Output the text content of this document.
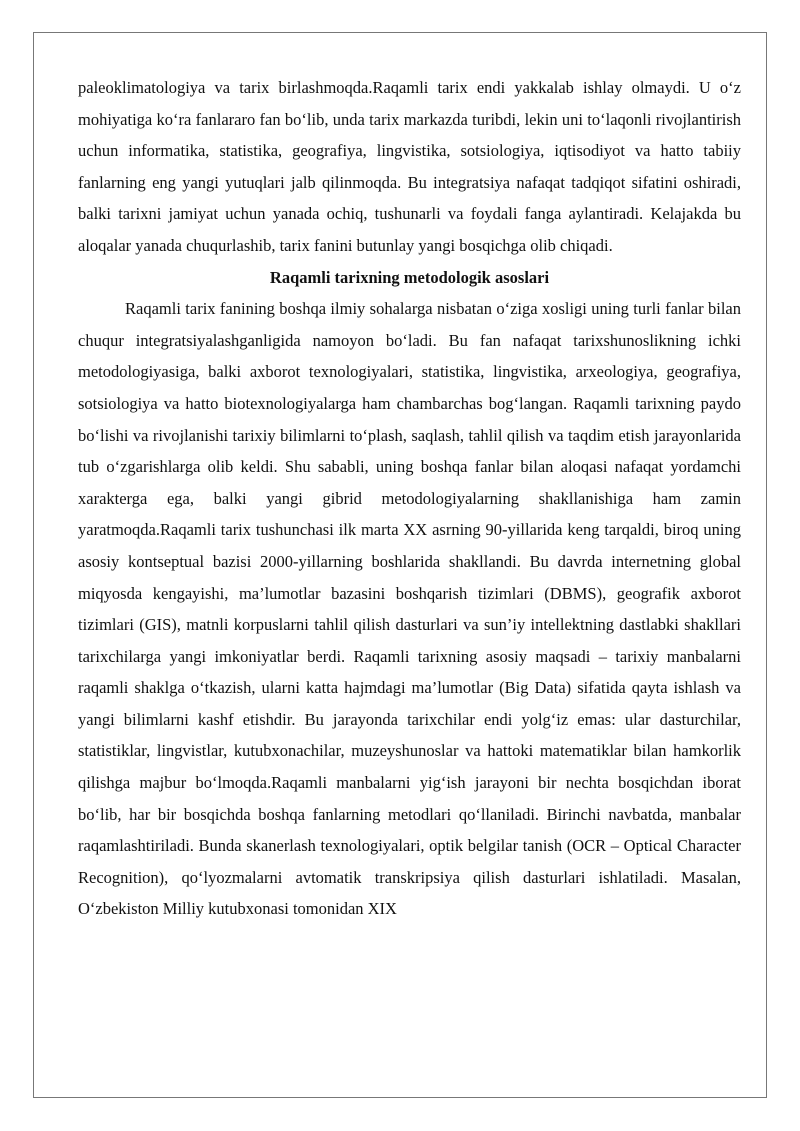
paleoklimatologiya va tarix birlashmoqda.Raqamli tarix endi yakkalab ishlay olmaydi. U o‘z mohiyatiga ko‘ra fanlararo fan bo‘lib, unda tarix markazda turibdi, lekin uni to‘laqonli rivojlantirish uchun informatika, statistika, geografiya, lingvistika, sotsiologiya, iqtisodiyot va hatto tabiiy fanlarning eng yangi yutuqlari jalb qilinmoqda. Bu integratsiya nafaqat tadqiqot sifatini oshiradi, balki tarixni jamiyat uchun yanada ochiq, tushunarli va foydali fanga aylantiradi. Kelajakda bu aloqalar yanada chuqurlashib, tarix fanini butunlay yangi bosqichga olib chiqadi.

Raqamli tarixning metodologik asoslari

Raqamli tarix fanining boshqa ilmiy sohalarga nisbatan o‘ziga xosligi uning turli fanlar bilan chuqur integratsiyalashganligida namoyon bo‘ladi. Bu fan nafaqat tarixshunoslikning ichki metodologiyasiga, balki axborot texnologiyalari, statistika, lingvistika, arxeologiya, geografiya, sotsiologiya va hatto biotexnologiyalarga ham chambarchas bog‘langan. Raqamli tarixning paydo bo‘lishi va rivojlanishi tarixiy bilimlarni to‘plash, saqlash, tahlil qilish va taqdim etish jarayonlarida tub o‘zgarishlarga olib keldi. Shu sababli, uning boshqa fanlar bilan aloqasi nafaqat yordamchi xarakterga ega, balki yangi gibrid metodologiyalarning shakllanishiga ham zamin yaratmoqda.Raqamli tarix tushunchasi ilk marta XX asrning 90-yillarida keng tarqaldi, biroq uning asosiy kontseptual bazisi 2000-yillarning boshlarida shakllandi. Bu davrda internetning global miqyosda kengayishi, ma’lumotlar bazasini boshqarish tizimlari (DBMS), geografik axborot tizimlari (GIS), matnli korpuslarni tahlil qilish dasturlari va sun’iy intellektning dastlabki shakllari tarixchilarga yangi imkoniyatlar berdi. Raqamli tarixning asosiy maqsadi – tarixiy manbalarni raqamli shaklga o‘tkazish, ularni katta hajmdagi ma’lumotlar (Big Data) sifatida qayta ishlash va yangi bilimlarni kashf etishdir. Bu jarayonda tarixchilar endi yolg‘iz emas: ular dasturchilar, statistiklar, lingvistlar, kutubxonachilar, muzeyshunoslar va hattoki matematiklar bilan hamkorlik qilishga majbur bo‘lmoqda.Raqamli manbalarni yig‘ish jarayoni bir nechta bosqichdan iborat bo‘lib, har bir bosqichda boshqa fanlarning metodlari qo‘llaniladi. Birinchi navbatda, manbalar raqamlashtiriladi. Bunda skanerlash texnologiyalari, optik belgilar tanish (OCR – Optical Character Recognition), qo‘lyozmalarni avtomatik transkripsiya qilish dasturlari ishlatiladi. Masalan, O‘zbekiston Milliy kutubxonasi tomonidan XIX
